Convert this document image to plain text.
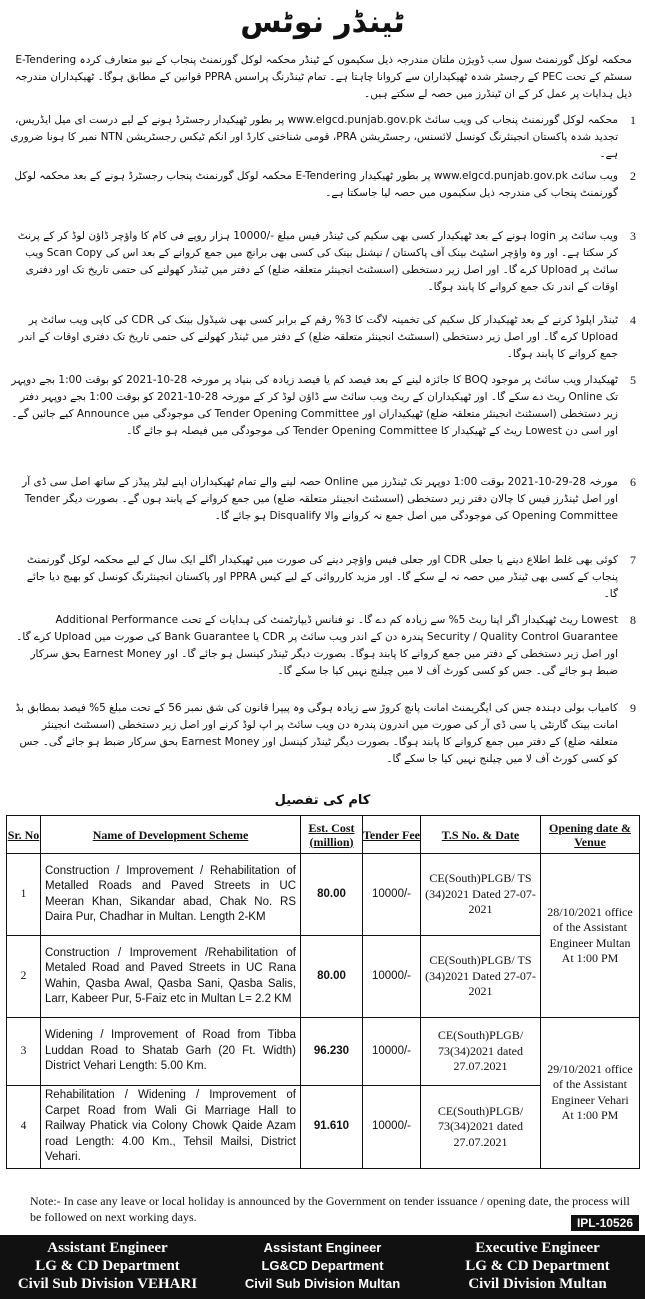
ٹینڈر نوٹس
محکمہ لوکل گورنمنٹ سول سب ڈویژن ملتان مندرجہ ذیل سکیموں کے ٹینڈر محکمہ لوکل گورنمنٹ پنجاب کے نیو متعارف کردہ E-Tendering سسٹم کے تحت PEC کے رجسٹر شدہ ٹھیکیداران سے کروانا چاہتا ہے۔ تمام ٹینڈرنگ پراسس PPRA قوانین کے مطابق ہوگا۔ ٹھیکیداران مندرجہ ذیل ہدایات پر عمل کر کے ان ٹینڈرز میں حصہ لے سکتے ہیں۔
1
محکمہ لوکل گورنمنٹ پنجاب کی ویب سائٹ www.elgcd.punjab.gov.pk پر بطور ٹھیکیدار رجسٹرڈ ہونے کے لیے درست ای میل ایڈریس، تجدید شدہ پاکستان انجینئرنگ کونسل لائسنس، رجسٹریشن PRA، قومی شناختی کارڈ اور انکم ٹیکس رجسٹریشن NTN نمبر کا ہونا ضروری ہے۔
2
ویب سائٹ www.elgcd.punjab.gov.pk پر بطور ٹھیکیدار E-Tendering محکمہ لوکل گورنمنٹ پنجاب رجسٹرڈ ہونے کے بعد محکمہ لوکل گورنمنٹ پنجاب کی مندرجہ ذیل سکیموں میں حصہ لیا جاسکتا ہے۔
3
ویب سائٹ پر login ہونے کے بعد ٹھیکیدار کسی بھی سکیم کی ٹینڈر فیس مبلغ -/10000 ہزار روپے فی کام کا واؤچر ڈاؤن لوڈ کر کے پرنٹ کر سکتا ہے۔ اور وہ واؤچر اسٹیٹ بینک آف پاکستان / نیشنل بینک کی کسی بھی برانچ میں جمع کروانے کے بعد اس کی Scan Copy ویب سائٹ پر Upload کرے گا۔ اور اصل زیر دستخطی (اسسٹنٹ انجینئر متعلقہ ضلع) کے دفتر میں ٹینڈر کھولنے کی حتمی تاریخ تک اور دفتری اوقات کے اندر تک جمع کروانے کا پابند ہوگا۔
4
ٹینڈر اپلوڈ کرنے کے بعد ٹھیکیدار کل سکیم کی تخمینہ لاگت کا 3% رقم کے برابر کسی بھی شیڈول بینک کی CDR کی کاپی ویب سائٹ پر Upload کرے گا۔ اور اصل زیر دستخطی (اسسٹنٹ انجینئر متعلقہ ضلع) کے دفتر میں ٹینڈر کھولنے کی حتمی تاریخ تک دفتری اوقات کے اندر جمع کروانے کا پابند ہوگا۔
5
ٹھیکیدار ویب سائٹ پر موجود BOQ کا جائزہ لینے کے بعد فیصد کم یا فیصد زیادہ کی بنیاد پر مورخہ 28-10-2021 کو بوقت 1:00 بجے دوپہر تک Online ریٹ دے سکے گا۔ اور ٹھیکیداران کے ریٹ ویب سائٹ سے ڈاؤن لوڈ کر کے مورخہ 28-10-2021 کو بوقت 1:00 بجے دوپہر دفتر زیر دستخطی (اسسٹنٹ انجینئر متعلقہ ضلع) ٹھیکیداران اور Tender Opening Committee کی موجودگی میں Announce کیے جائیں گے۔ اور اسی دن Lowest ریٹ کے ٹھیکیدار کا Tender Opening Committee کی موجودگی میں فیصلہ ہو جائے گا۔
6
مورخہ 28-29-10-2021 بوقت 1:00 دوپہر تک ٹینڈرز میں Online حصہ لینے والے تمام ٹھیکیداران اپنے لیٹر پیڈز کے ساتھ اصل سی ڈی آر اور اصل ٹینڈرز فیس کا چالان دفتر زیر دستخطی (اسسٹنٹ انجینئر متعلقہ ضلع) میں جمع کروانے کے پابند ہوں گے۔ بصورت دیگر Tender Opening Committee کی موجودگی میں اصل جمع نہ کروانے والا Disqualify ہو جائے گا۔
7
کوئی بھی غلط اطلاع دینے یا جعلی CDR اور جعلی فیس واؤچر دینے کی صورت میں ٹھیکیدار اگلے ایک سال کے لیے محکمہ لوکل گورنمنٹ پنجاب کے کسی بھی ٹینڈر میں حصہ نہ لے سکے گا۔ اور مزید کارروائی کے لیے کیس PPRA اور پاکستان انجینئرنگ کونسل کو بھیج دیا جائے گا۔
8
Lowest ریٹ ٹھیکیدار اگر اپنا ریٹ 5% سے زیادہ کم دے گا۔ تو فنانس ڈیپارٹمنٹ کی ہدایات کے تحت Additional Performance Security / Quality Control Guarantee پندرہ دن کے اندر ویب سائٹ پر CDR یا Bank Guarantee کی صورت میں Upload کرے گا۔ اور اصل زیر دستخطی کے دفتر میں جمع کروانے کا پابند ہوگا۔ بصورت دیگر ٹینڈر کینسل ہو جائے گا۔ اور Earnest Money بحق سرکار ضبط ہو جائے گی۔ جس کو کسی کورٹ آف لا میں چیلنج نہیں کیا جا سکے گا۔
9
کامیاب بولی دہندہ جس کی ایگریمنٹ امانت پانچ کروڑ سے زیادہ ہوگی وہ پیپرا قانون کی شق نمبر 56 کے تحت مبلغ 5% فیصد بمطابق بڈ امانت بینک گارنٹی یا سی ڈی آر کی صورت میں اندرون پندرہ دن ویب سائٹ پر اپ لوڈ کرنے اور اصل زیر دستخطی (اسسٹنٹ انجینئر متعلقہ ضلع) کے دفتر میں جمع کروانے کا پابند ہوگا۔ بصورت دیگر ٹینڈر کینسل اور Earnest Money بحق سرکار ضبط ہو جائے گی۔ جس کو کسی کورٹ آف لا میں چیلنج نہیں کیا جا سکے گا۔
کام کی تفصیل
Sr. No	Name of Development Scheme	Est. Cost (million)	Tender Fee	T.S No. & Date	Opening date & Venue
1	Construction / Improvement / Rehabilitation of Metalled Roads and Paved Streets in UC Meeran Khan, Sikandar abad, Chak No. RS Daira Pur, Chadhar in Multan. Length 2-KM	80.00	10000/-	CE(South)PLGB/ TS (34)2021 Dated 27-07-2021	28/10/2021 office of the Assistant Engineer Multan At 1:00 PM
2	Construction / Improvement /Rehabilitation of Metaled Road and Paved Streets in UC Rana Wahin, Qasba Awal, Qasba Sani, Qasba Salis, Larr, Kabeer Pur, 5-Faiz etc in Multan L= 2.2 KM	80.00	10000/-	CE(South)PLGB/ TS (34)2021 Dated 27-07-2021	
3	Widening / Improvement of Road from Tibba Luddan Road to Shatab Garh (20 Ft. Width) District Vehari Length: 5.00 Km.	96.230	10000/-	CE(South)PLGB/ 73(34)2021 dated 27.07.2021	29/10/2021 office of the Assistant Engineer Vehari At 1:00 PM
4	Rehabilitation / Widening / Improvement of Carpet Road from Wali Gi Marriage Hall to Railway Phatick via Colony Chowk Qaide Azam road Length: 4.00 Km., Tehsil Mailsi, District Vehari.	91.610	10000/-	CE(South)PLGB/ 73(34)2021 dated 27.07.2021	
Note:- In case any leave or local holiday is announced by the Government on tender issuance / opening date, the process will be followed on next working days.	IPL-10526
Assistant Engineer
LG & CD Department
Civil Sub Division VEHARI
Assistant Engineer
LG&CD Department
Civil Sub Division Multan
Executive Engineer
LG & CD Department
Civil Division Multan
